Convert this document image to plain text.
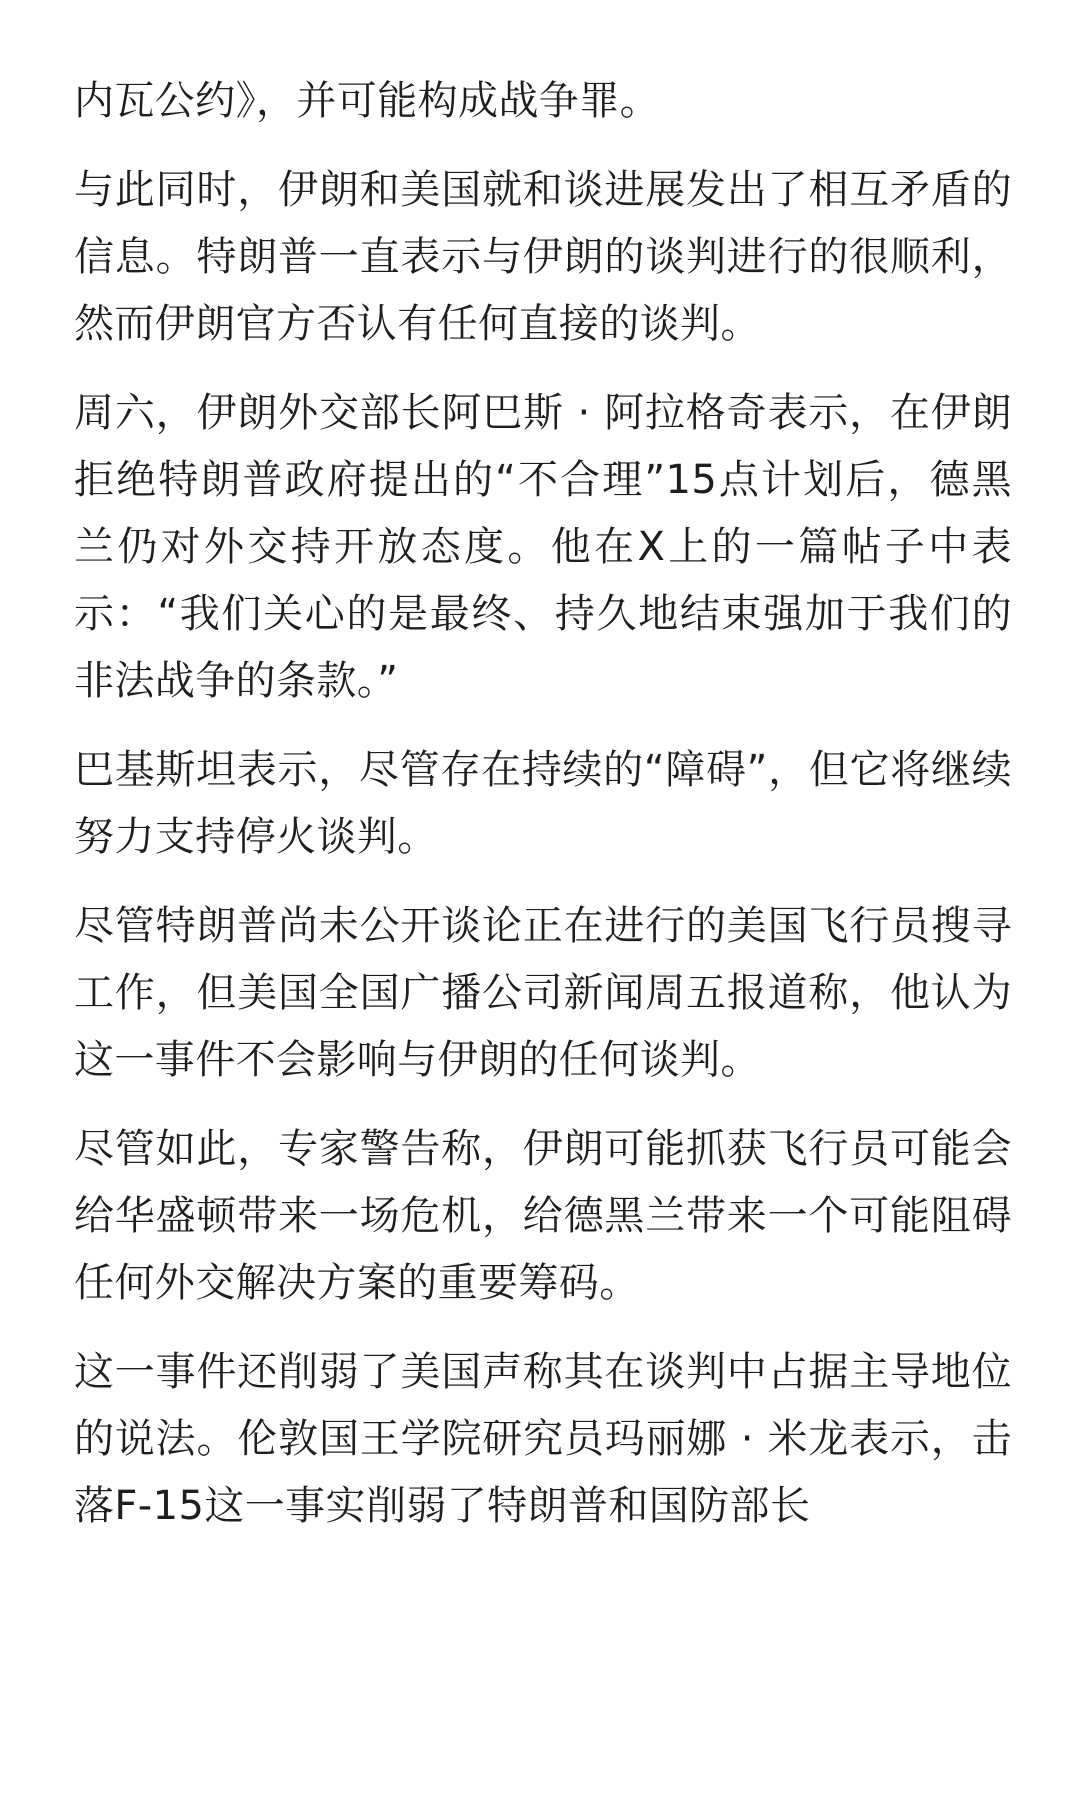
内瓦公约》，并可能构成战争罪。

与此同时，伊朗和美国就和谈进展发出了相互矛盾的信息。特朗普一直表示与伊朗的谈判进行的很顺利，然而伊朗官方否认有任何直接的谈判。

周六，伊朗外交部长阿巴斯 · 阿拉格奇表示，在伊朗拒绝特朗普政府提出的“不合理”15点计划后，德黑兰仍对外交持开放态度。他在X上的一篇帖子中表示：“我们关心的是最终、持久地结束强加于我们的非法战争的条款。”

巴基斯坦表示，尽管存在持续的“障碍”，但它将继续努力支持停火谈判。

尽管特朗普尚未公开谈论正在进行的美国飞行员搜寻工作，但美国全国广播公司新闻周五报道称，他认为这一事件不会影响与伊朗的任何谈判。

尽管如此，专家警告称，伊朗可能抓获飞行员可能会给华盛顿带来一场危机，给德黑兰带来一个可能阻碍任何外交解决方案的重要筹码。

这一事件还削弱了美国声称其在谈判中占据主导地位的说法。伦敦国王学院研究员玛丽娜 · 米龙表示，击落F-15这一事实削弱了特朗普和国防部长
